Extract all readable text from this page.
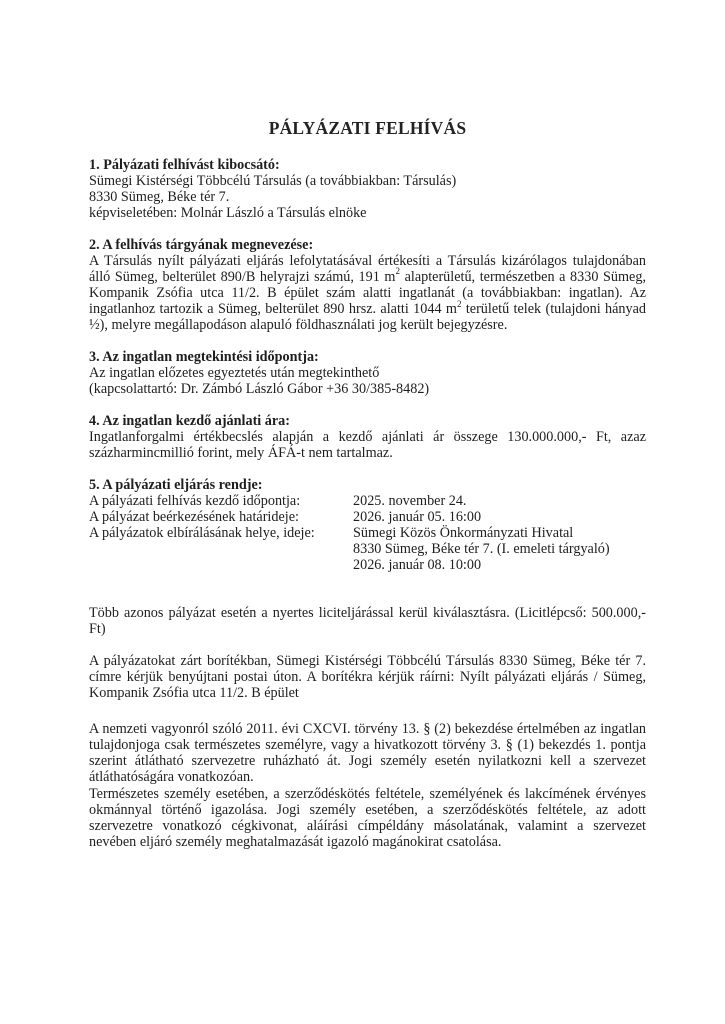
PÁLYÁZATI FELHÍVÁS

1. Pályázati felhívást kibocsátó:

Sümegi Kistérségi Többcélú Társulás (a továbbiakban: Társulás)

8330 Sümeg, Béke tér 7.

képviseletében: Molnár László a Társulás elnöke

2. A felhívás tárgyának megnevezése:

A Társulás nyílt pályázati eljárás lefolytatásával értékesíti a Társulás kizárólagos tulajdonában álló Sümeg, belterület 890/B helyrajzi számú, 191 $m^2$ alapterületű, természetben a 8330 Sümeg, Kompanik Zsófia utca 11/2. B épület szám alatti ingatlanát (a továbbiakban: ingatlan). Az ingatlanhoz tartozik a Sümeg, belterület 890 hrsz. alatti 1044 $m^2$ területű telek (tulajdoni hányad ½), melyre megállapodáson alapuló földhasználati jog került bejegyzésre.

3. Az ingatlan megtekintési időpontja:

Az ingatlan előzetes egyeztetés után megtekinthető

(kapcsolattartó: Dr. Zámbó László Gábor +36 30/385-8482)

4. Az ingatlan kezdő ajánlati ára:

Ingatlanforgalmi értékbecslés alapján a kezdő ajánlati ár összege 130.000.000,- Ft, azaz százharmincmillió forint, mely ÁFÁ-t nem tartalmaz.

5. A pályázati eljárás rendje:

A pályázati felhívás kezdő időpontja:	2025. november 24.
A pályázat beérkezésének határideje:	2026. január 05. 16:00
A pályázatok elbírálásának helye, ideje:	Sümegi Közös Önkormányzati Hivatal
8330 Sümeg, Béke tér 7. (I. emeleti tárgyaló)
2026. január 08. 10:00

Több azonos pályázat esetén a nyertes liciteljárással kerül kiválasztásra. (Licitlépcső: 500.000,- Ft)

A pályázatokat zárt borítékban, Sümegi Kistérségi Többcélú Társulás 8330 Sümeg, Béke tér 7. címre kérjük benyújtani postai úton. A borítékra kérjük ráírni: Nyílt pályázati eljárás / Sümeg, Kompanik Zsófia utca 11/2. B épület

A nemzeti vagyonról szóló 2011. évi CXCVI. törvény 13. § (2) bekezdése értelmében az ingatlan tulajdonjoga csak természetes személyre, vagy a hivatkozott törvény 3. § (1) bekezdés 1. pontja szerint átlátható szervezetre ruházható át. Jogi személy esetén nyilatkozni kell a szervezet átláthatóságára vonatkozóan.

Természetes személy esetében, a szerződéskötés feltétele, személyének és lakcímének érvényes okmánnyal történő igazolása. Jogi személy esetében, a szerződéskötés feltétele, az adott szervezetre vonatkozó cégkivonat, aláírási címpéldány másolatának, valamint a szervezet nevében eljáró személy meghatalmazását igazoló magánokirat csatolása.
